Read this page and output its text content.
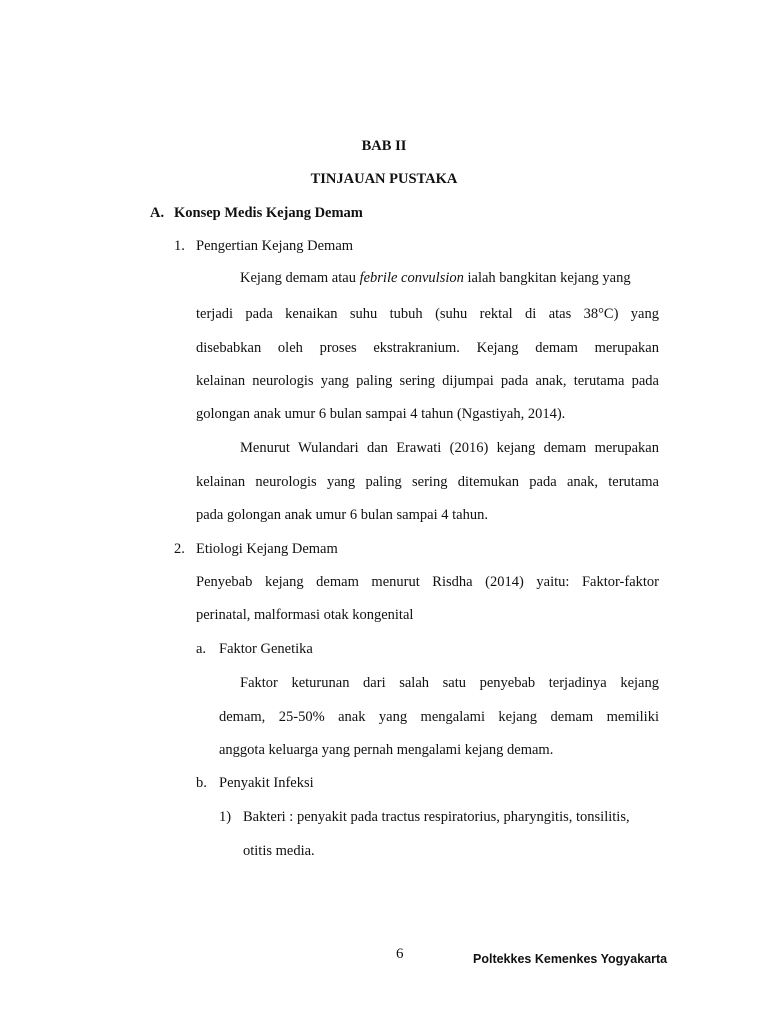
BAB II
TINJAUAN PUSTAKA
A. Konsep Medis Kejang Demam
1. Pengertian Kejang Demam
Kejang demam atau febrile convulsion ialah bangkitan kejang yang
terjadi pada kenaikan suhu tubuh (suhu rektal di atas 38°C) yang
disebabkan oleh proses ekstrakranium. Kejang demam merupakan
kelainan neurologis yang paling sering dijumpai pada anak, terutama pada
golongan anak umur 6 bulan sampai 4 tahun (Ngastiyah, 2014).
Menurut Wulandari dan Erawati (2016) kejang demam merupakan
kelainan neurologis yang paling sering ditemukan pada anak, terutama
pada golongan anak umur 6 bulan sampai 4 tahun.
2. Etiologi Kejang Demam
Penyebab kejang demam menurut Risdha (2014) yaitu: Faktor-faktor
perinatal, malformasi otak kongenital
a. Faktor Genetika
Faktor keturunan dari salah satu penyebab terjadinya kejang
demam, 25-50% anak yang mengalami kejang demam memiliki
anggota keluarga yang pernah mengalami kejang demam.
b. Penyakit Infeksi
1) Bakteri : penyakit pada tractus respiratorius, pharyngitis, tonsilitis,
otitis media.
6	Poltekkes Kemenkes Yogyakarta
